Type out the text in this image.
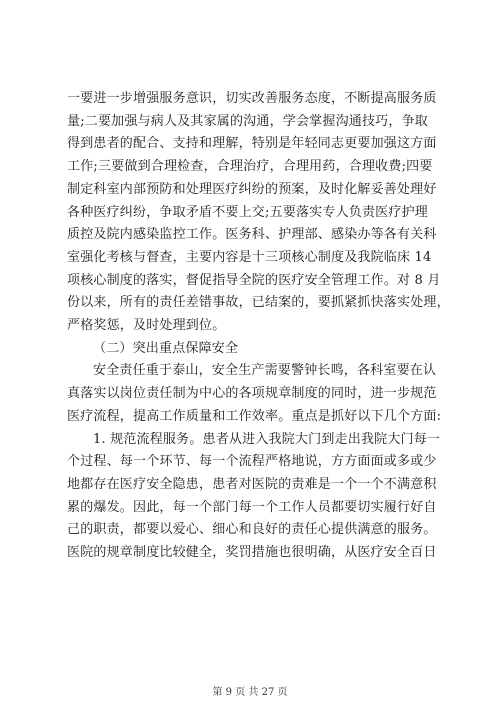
一要进一步增强服务意识，切实改善服务态度，不断提高服务质
量;二要加强与病人及其家属的沟通，学会掌握沟通技巧，争取
得到患者的配合、支持和理解，特别是年轻同志更要加强这方面
工作;三要做到合理检查，合理治疗，合理用药，合理收费;四要
制定科室内部预防和处理医疗纠纷的预案，及时化解妥善处理好
各种医疗纠纷，争取矛盾不要上交;五要落实专人负责医疗护理
质控及院内感染监控工作。医务科、护理部、感染办等各有关科
室强化考核与督查，主要内容是十三项核心制度及我院临床 14
项核心制度的落实，督促指导全院的医疗安全管理工作。对 8 月
份以来，所有的责任差错事故，已结案的，要抓紧抓快落实处理，
严格奖惩，及时处理到位。

（二）突出重点保障安全

安全责任重于泰山，安全生产需要警钟长鸣，各科室要在认
真落实以岗位责任制为中心的各项规章制度的同时，进一步规范
医疗流程，提高工作质量和工作效率。重点是抓好以下几个方面:

1. 规范流程服务。患者从进入我院大门到走出我院大门每一
个过程、每一个环节、每一个流程严格地说，方方面面或多或少
地都存在医疗安全隐患，患者对医院的责难是一个一个不满意积
累的爆发。因此，每一个部门每一个工作人员都要切实履行好自
己的职责，都要以爱心、细心和良好的责任心提供满意的服务。
医院的规章制度比较健全，奖罚措施也很明确，从医疗安全百日

第 9 页 共 27 页
